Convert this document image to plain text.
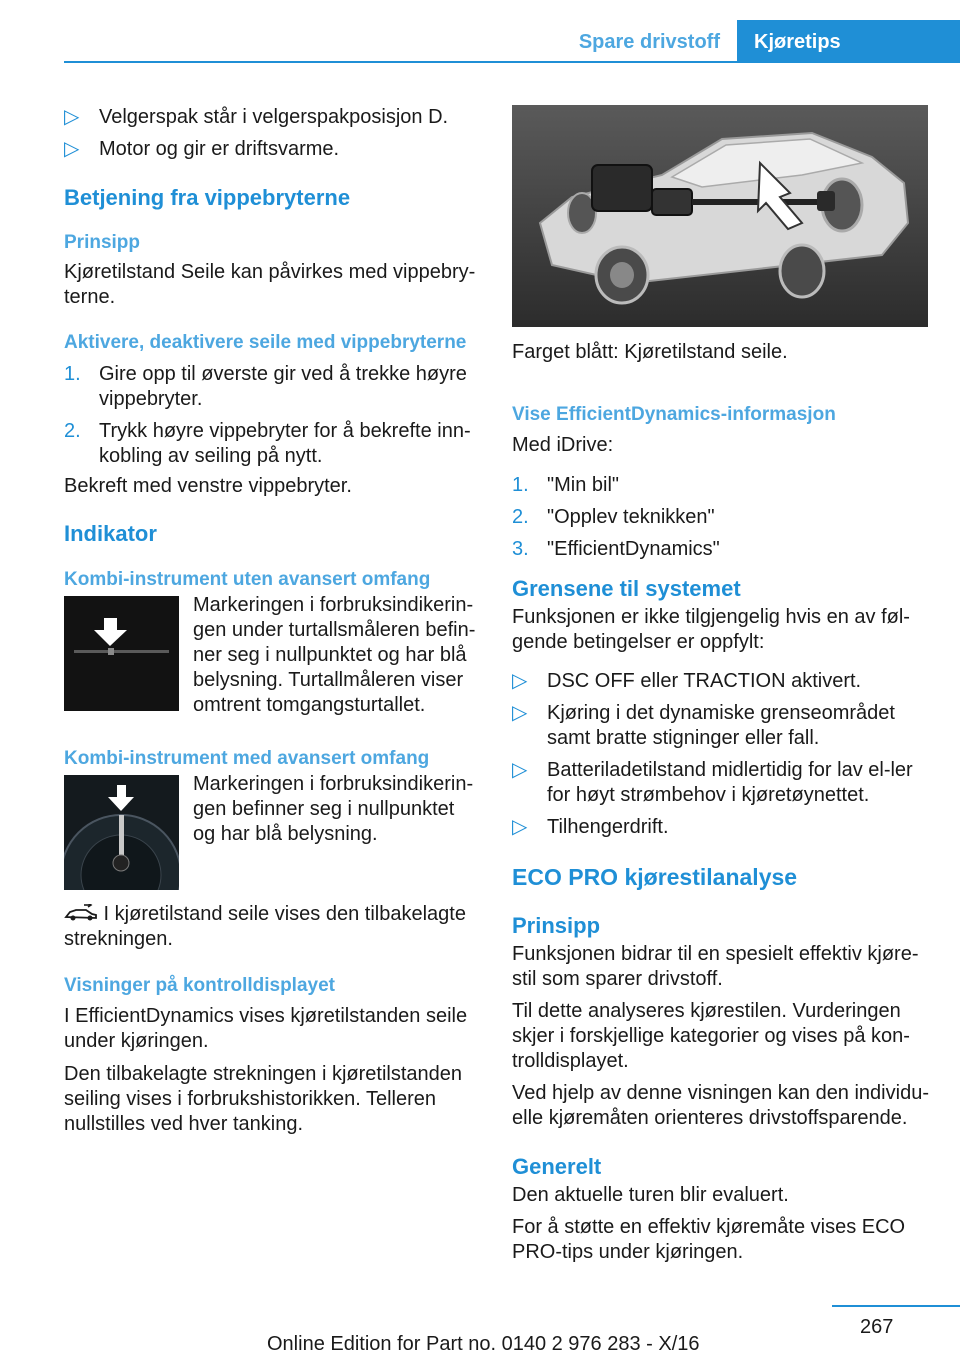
Spare drivstoff	Kjøretips
▷ Velgerspak står i velgerspakposisjon D.
▷ Motor og gir er driftsvarme.
Betjening fra vippebryterne
Prinsipp

Kjøretilstand Seile kan påvirkes med vippebry-terne.

Aktivere, deaktivere seile med vippebryterne
1. Gire opp til øverste gir ved å trekke høyre vippebryter.
2. Trykk høyre vippebryter for å bekrefte inn-kobling av seiling på nytt.

Bekreft med venstre vippebryter.

Indikator
Kombi-instrument uten avansert omfang

Markeringen i forbruksindikerin-gen under turtallsmåleren befin-ner seg i nullpunktet og har blå belysning. Turtallmåleren viser omtrent tomgangsturtallet.

Kombi-instrument med avansert omfang

Markeringen i forbruksindikerin-gen befinner seg i nullpunktet og har blå belysning.

I kjøretilstand seile vises den tilbakelagte strekningen.

Visninger på kontrolldisplayet

I EfficientDynamics vises kjøretilstanden seile under kjøringen.

Den tilbakelagte strekningen i kjøretilstanden seiling vises i forbrukshistorikken. Telleren nullstilles ved hver tanking.

Farget blått: Kjøretilstand seile.

Vise EfficientDynamics-informasjon

Med iDrive:

1. "Min bil"
2. "Opplev teknikken"
3. "EfficientDynamics"
Grensene til systemet

Funksjonen er ikke tilgjengelig hvis en av føl-gende betingelser er oppfylt:

▷ DSC OFF eller TRACTION aktivert.
▷ Kjøring i det dynamiske grenseområdet samt bratte stigninger eller fall.
▷ Batteriladetilstand midlertidig for lav el-ler for høyt strømbehov i kjøretøynettet.
▷ Tilhengerdrift.
ECO PRO kjørestilanalyse
Prinsipp

Funksjonen bidrar til en spesielt effektiv kjøre-stil som sparer drivstoff.

Til dette analyseres kjørestilen. Vurderingen skjer i forskjellige kategorier og vises på kon-trolldisplayet.

Ved hjelp av denne visningen kan den individu-elle kjøremåten orienteres drivstoffsparende.

Generelt

Den aktuelle turen blir evaluert.

For å støtte en effektiv kjøremåte vises ECO PRO-tips under kjøringen.

267
Online Edition for Part no. 0140 2 976 283 - X/16
